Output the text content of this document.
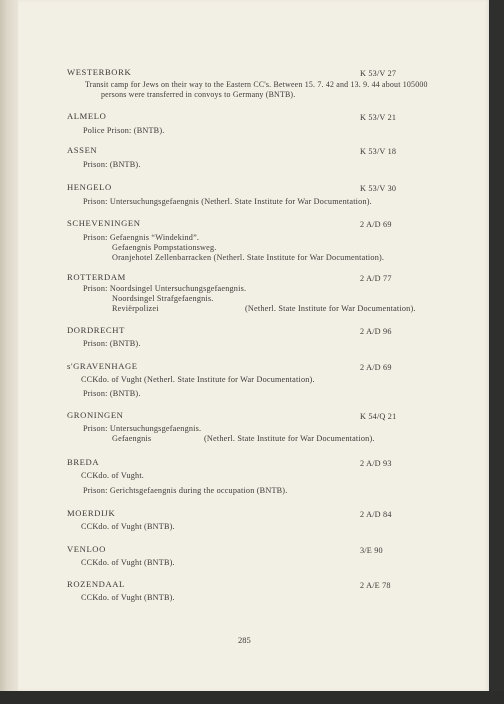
WESTERBORK	K 53/V 27
Transit camp for Jews on their way to the Eastern CC's. Between 15. 7. 42 and 13. 9. 44 about 105000
persons were transferred in convoys to Germany (BNTB).
ALMELO	K 53/V 21
Police Prison: (BNTB).
ASSEN	K 53/V 18
Prison: (BNTB).
HENGELO	K 53/V 30
Prison: Untersuchungsgefaengnis (Netherl. State Institute for War Documentation).
SCHEVENINGEN	2 A/D 69
Prison: Gefaengnis “Windekind”.
Gefaengnis Pompstationsweg.
Oranjehotel Zellenbarracken (Netherl. State Institute for War Documentation).
ROTTERDAM	2 A/D 77
Prison: Noordsingel Untersuchungsgefaengnis.
Noordsingel Strafgefaengnis.
Reviërpolizei	(Netherl. State Institute for War Documentation).
DORDRECHT	2 A/D 96
Prison: (BNTB).
s'GRAVENHAGE	2 A/D 69
CCKdo. of Vught (Netherl. State Institute for War Documentation).
Prison: (BNTB).
GRONINGEN	K 54/Q 21
Prison: Untersuchungsgefaengnis.
Gefaengnis	(Netherl. State Institute for War Documentation).
BREDA	2 A/D 93
CCKdo. of Vught.
Prison: Gerichtsgefaengnis during the occupation (BNTB).
MOERDIJK	2 A/D 84
CCKdo. of Vught (BNTB).
VENLOO	3/E 90
CCKdo. of Vught (BNTB).
ROZENDAAL	2 A/E 78
CCKdo. of Vught (BNTB).
285
